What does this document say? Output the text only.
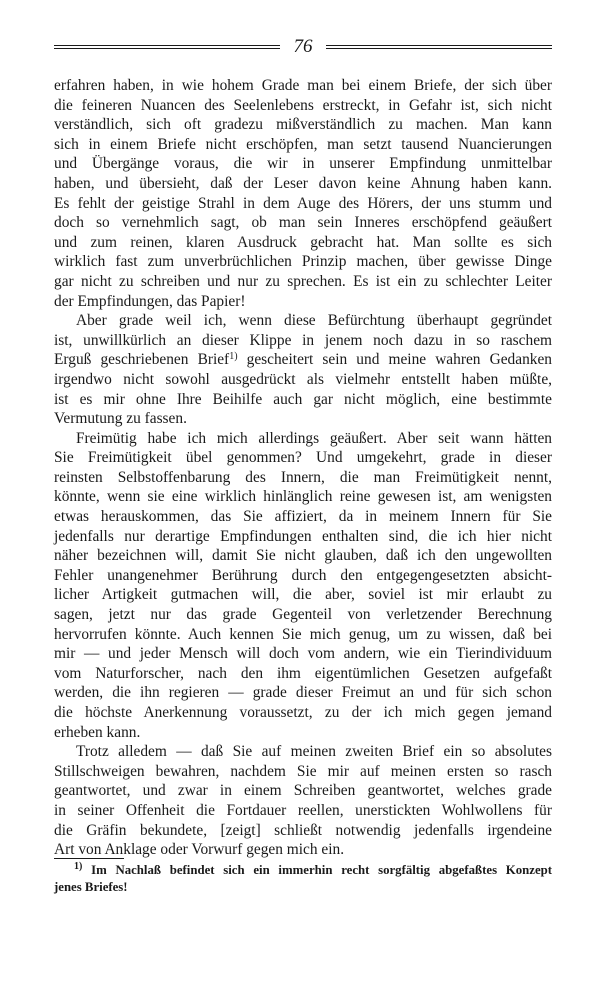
76

erfahren haben, in wie hohem Grade man bei einem Briefe, der sich über
die feineren Nuancen des Seelenlebens erstreckt, in Gefahr ist, sich nicht
verständlich, sich oft gradezu mißverständlich zu machen. Man kann
sich in einem Briefe nicht erschöpfen, man setzt tausend Nuancierungen
und Übergänge voraus, die wir in unserer Empfindung unmittelbar
haben, und übersieht, daß der Leser davon keine Ahnung haben kann.
Es fehlt der geistige Strahl in dem Auge des Hörers, der uns stumm und
doch so vernehmlich sagt, ob man sein Inneres erschöpfend geäußert
und zum reinen, klaren Ausdruck gebracht hat. Man sollte es sich
wirklich fast zum unverbrüchlichen Prinzip machen, über gewisse Dinge
gar nicht zu schreiben und nur zu sprechen. Es ist ein zu schlechter Leiter
der Empfindungen, das Papier!

Aber grade weil ich, wenn diese Befürchtung überhaupt gegründet
ist, unwillkürlich an dieser Klippe in jenem noch dazu in so raschem
Erguß geschriebenen Brief$^{1)}$ gescheitert sein und meine wahren Gedanken
irgendwo nicht sowohl ausgedrückt als vielmehr entstellt haben müßte,
ist es mir ohne Ihre Beihilfe auch gar nicht möglich, eine bestimmte
Vermutung zu fassen.

Freimütig habe ich mich allerdings geäußert. Aber seit wann hätten
Sie Freimütigkeit übel genommen? Und umgekehrt, grade in dieser
reinsten Selbstoffenbarung des Innern, die man Freimütigkeit nennt,
könnte, wenn sie eine wirklich hinlänglich reine gewesen ist, am wenigsten
etwas herauskommen, das Sie affiziert, da in meinem Innern für Sie
jedenfalls nur derartige Empfindungen enthalten sind, die ich hier nicht
näher bezeichnen will, damit Sie nicht glauben, daß ich den ungewollten
Fehler unangenehmer Berührung durch den entgegengesetzten absicht-
licher Artigkeit gutmachen will, die aber, soviel ist mir erlaubt zu
sagen, jetzt nur das grade Gegenteil von verletzender Berechnung
hervorrufen könnte. Auch kennen Sie mich genug, um zu wissen, daß bei
mir — und jeder Mensch will doch vom andern, wie ein Tierindividuum
vom Naturforscher, nach den ihm eigentümlichen Gesetzen aufgefaßt
werden, die ihn regieren — grade dieser Freimut an und für sich schon
die höchste Anerkennung voraussetzt, zu der ich mich gegen jemand
erheben kann.

Trotz alledem — daß Sie auf meinen zweiten Brief ein so absolutes
Stillschweigen bewahren, nachdem Sie mir auf meinen ersten so rasch
geantwortet, und zwar in einem Schreiben geantwortet, welches grade
in seiner Offenheit die Fortdauer reellen, unerstickten Wohlwollens für
die Gräfin bekundete, [zeigt] schließt notwendig jedenfalls irgendeine
Art von Anklage oder Vorwurf gegen mich ein.

$^{1)}$ Im Nachlaß befindet sich ein immerhin recht sorgfältig abgefaßtes Konzept
jenes Briefes!
